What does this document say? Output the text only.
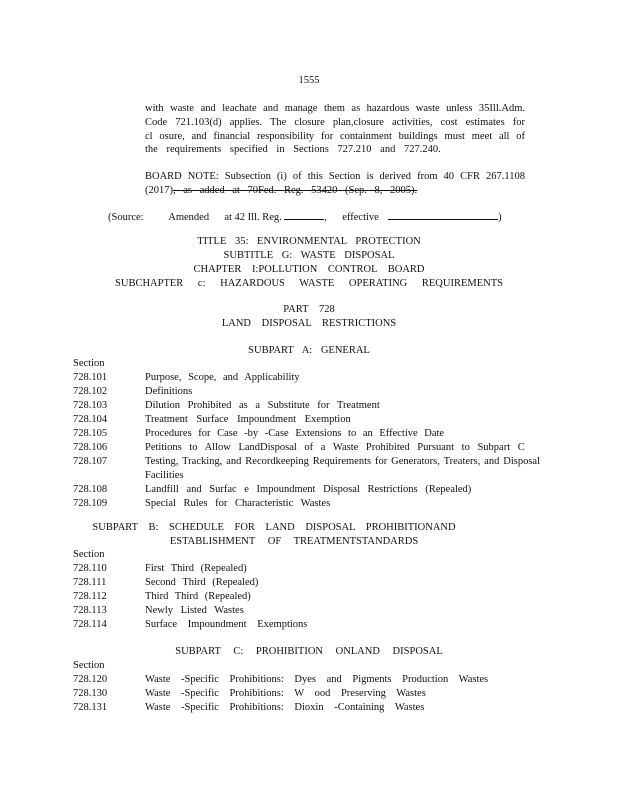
1555
with waste and leachate and manage them as hazardous waste unless 35Ill.Adm.
Code 721.103(d) applies. The closure plan,closure activities, cost estimates for
cl osure, and financial responsibility for containment buildings must meet all of
the requirements specified in Sections 727.210 and 727.240.
BOARD NOTE: Subsection (i) of this Section is derived from 40 CFR 267.1108
(2017), as added at 70Fed. Reg. 53420 (Sep. 8, 2005).
(Source: Amended at 42 Ill. Reg.	, effective	)
TITLE 35: ENVIRONMENTAL PROTECTION
SUBTITLE G: WASTE DISPOSAL
CHAPTER I:POLLUTION CONTROL BOARD
SUBCHAPTER c: HAZARDOUS WASTE OPERATING REQUIREMENTS
PART 728
LAND DISPOSAL RESTRICTIONS
SUBPART A: GENERAL
Section
728.101	Purpose, Scope, and Applicability
728.102	Definitions
728.103	Dilution Prohibited as a Substitute for Treatment
728.104	Treatment Surface Impoundment Exemption
728.105	Procedures for Case -by -Case Extensions to an Effective Date
728.106	Petitions to Allow LandDisposal of a Waste Prohibited Pursuant to Subpart C
728.107	Testing, Tracking, and Recordkeeping Requirements for Generators, Treaters, and Disposal Facilities
728.108	Landfill and Surfac e Impoundment Disposal Restrictions (Repealed)
728.109	Special Rules for Characteristic Wastes
SUBPART B: SCHEDULE FOR LAND DISPOSAL PROHIBITIONAND
ESTABLISHMENT OF TREATMENTSTANDARDS
Section
728.110	First Third (Repealed)
728.111	Second Third (Repealed)
728.112	Third Third (Repealed)
728.113	Newly Listed Wastes
728.114	Surface Impoundment Exemptions
SUBPART C: PROHIBITION ONLAND DISPOSAL
Section
728.120	Waste -Specific Prohibitions: Dyes and Pigments Production Wastes
728.130	Waste -Specific Prohibitions: W ood Preserving Wastes
728.131	Waste -Specific Prohibitions: Dioxin -Containing Wastes
